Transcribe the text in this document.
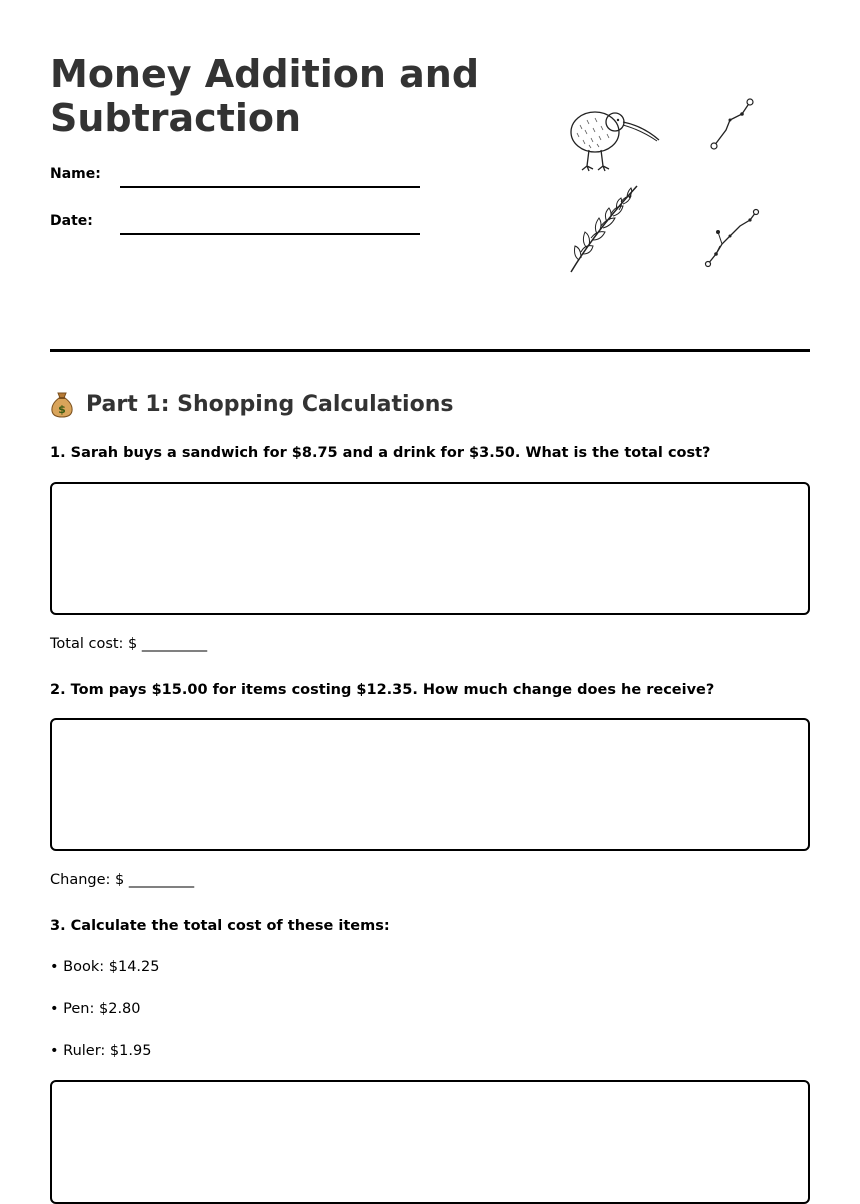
Money Addition and Subtraction
Name:
Date:
$ Part 1: Shopping Calculations
1. Sarah buys a sandwich for $8.75 and a drink for $3.50. What is the total cost?
Total cost: $ _________
2. Tom pays $15.00 for items costing $12.35. How much change does he receive?
Change: $ _________
3. Calculate the total cost of these items:
• Book: $14.25
• Pen: $2.80
• Ruler: $1.95
